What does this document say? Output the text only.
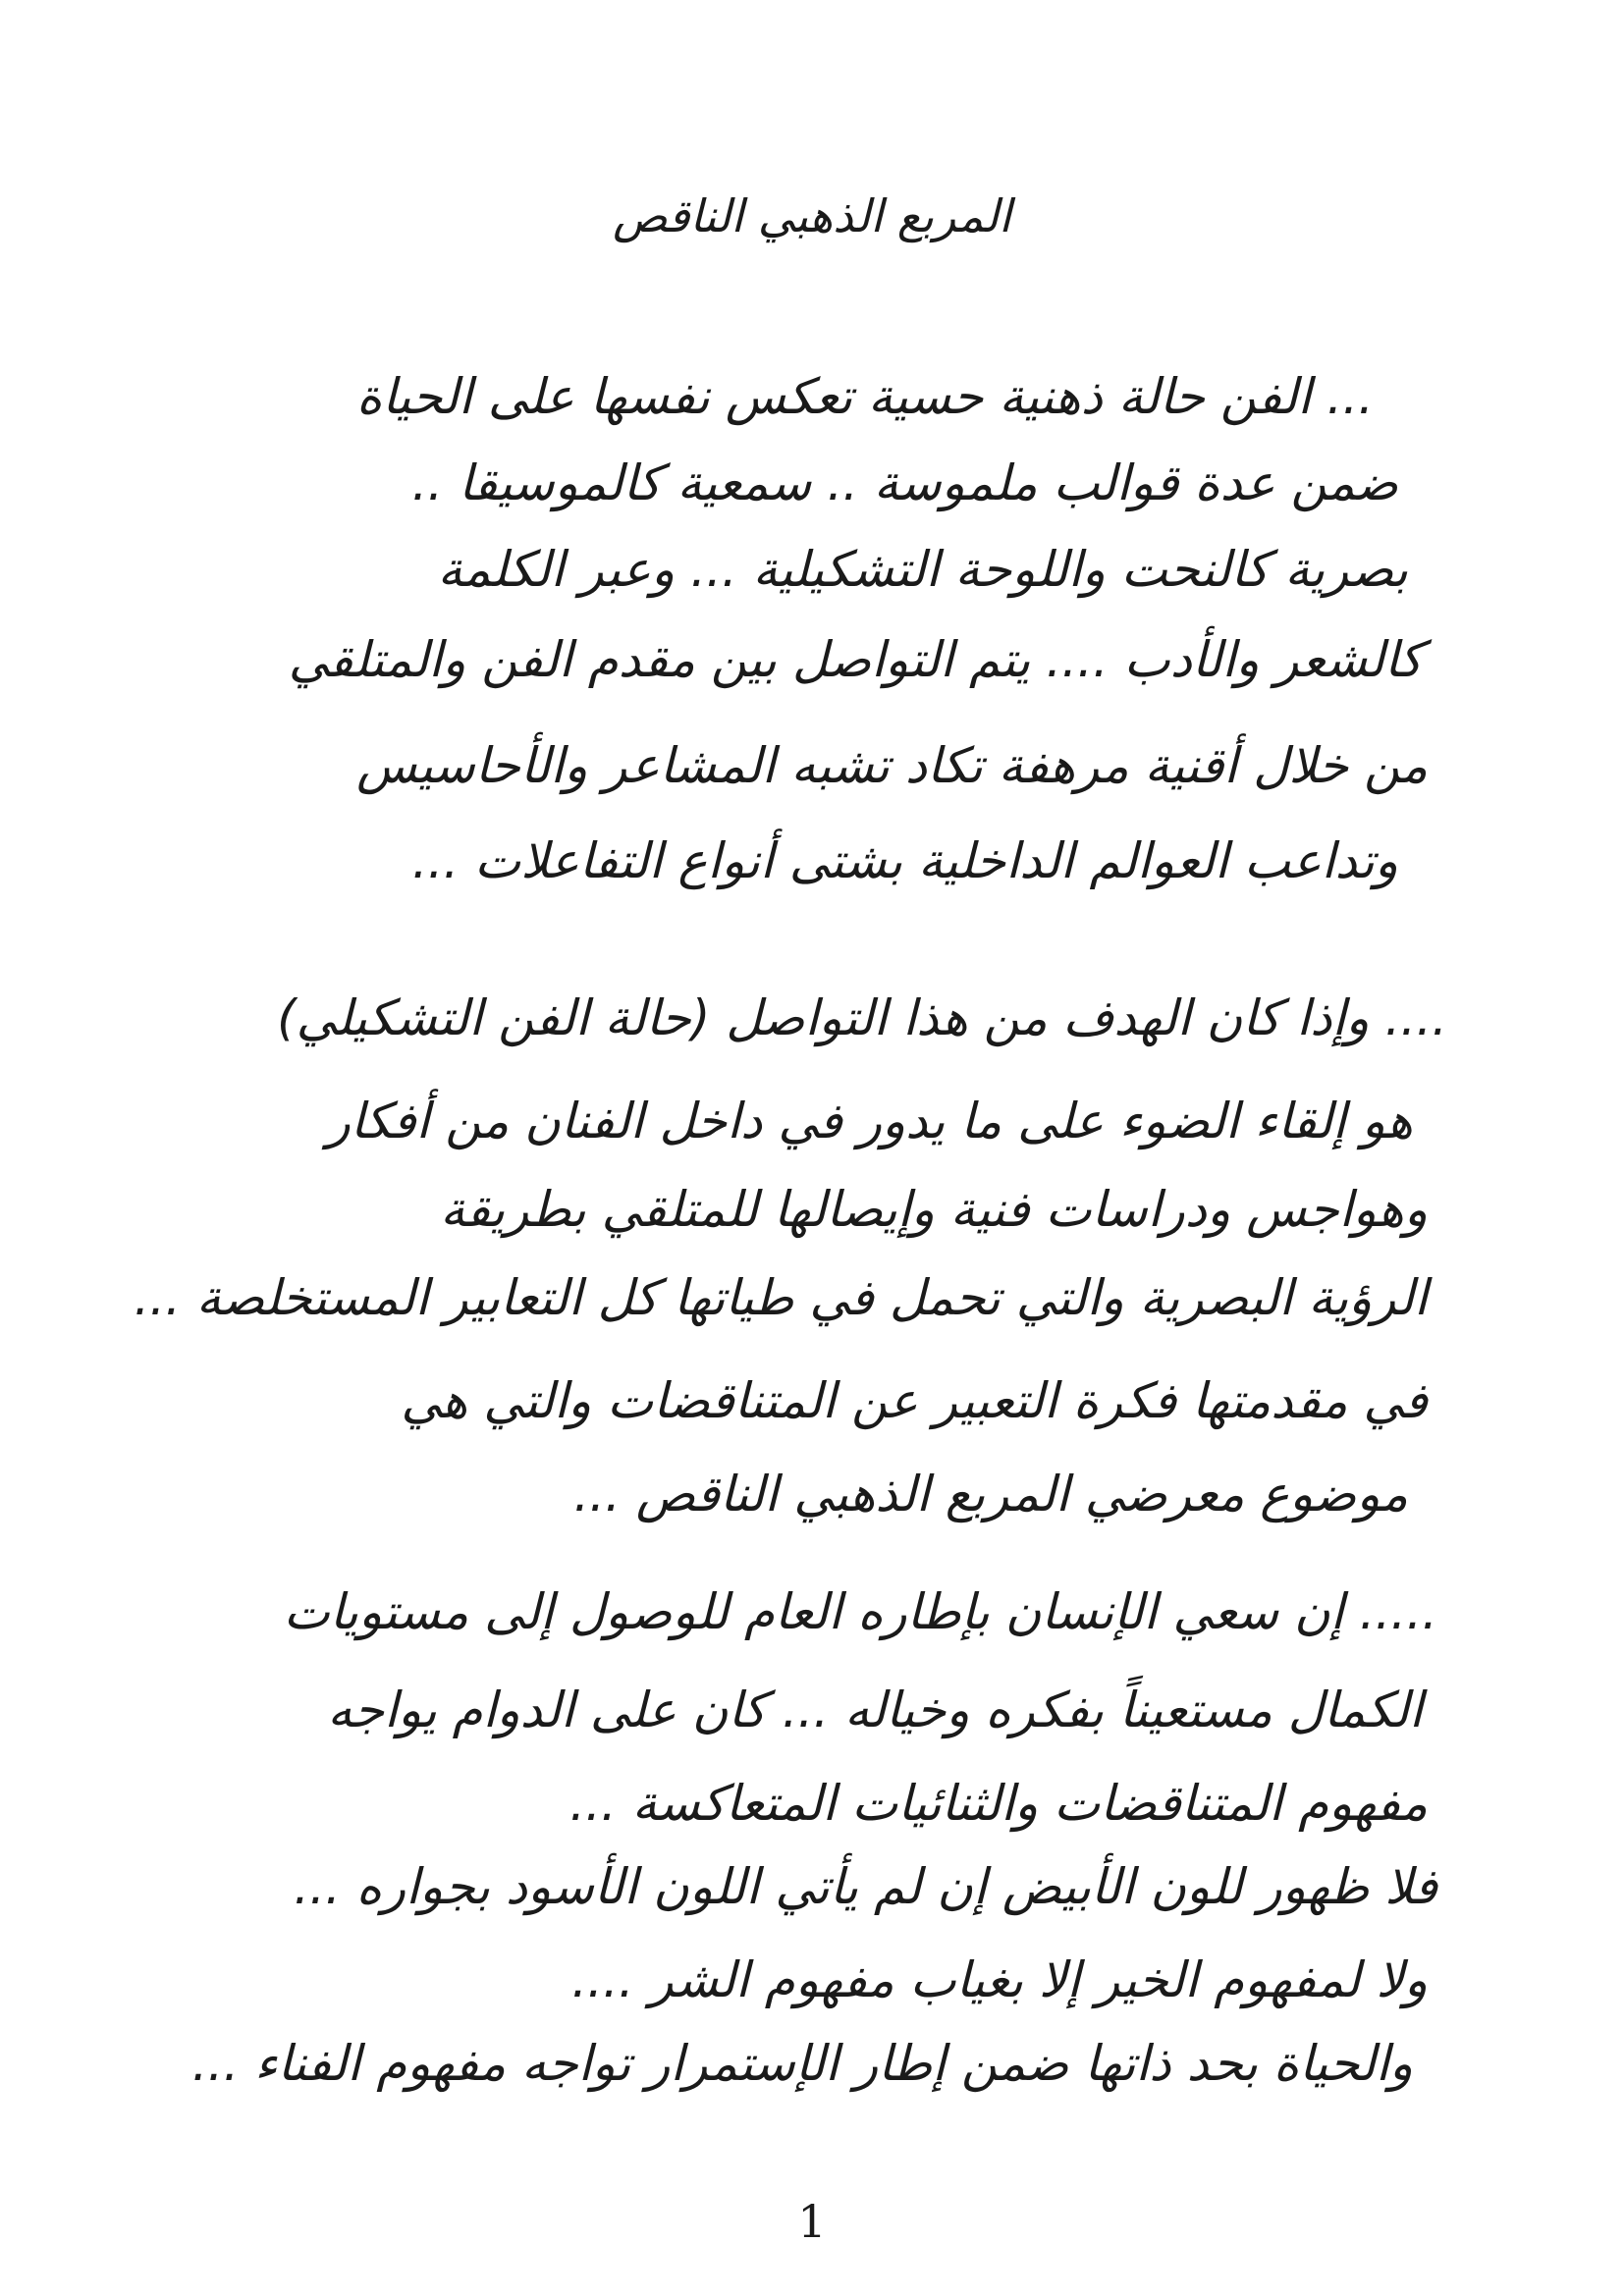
المربع الذهبي الناقص
... الفن حالة ذهنية حسية تعكس نفسها على الحياة
ضمن عدة قوالب ملموسة .. سمعية كالموسيقا ..
بصرية كالنحت واللوحة التشكيلية ... وعبر الكلمة
كالشعر والأدب .... يتم التواصل بين مقدم الفن والمتلقي
من خلال أقنية مرهفة تكاد تشبه المشاعر والأحاسيس
وتداعب العوالم الداخلية بشتى أنواع التفاعلات ...
.... وإذا كان الهدف من هذا التواصل (حالة الفن التشكيلي)
هو إلقاء الضوء على ما يدور في داخل الفنان من أفكار
وهواجس ودراسات فنية وإيصالها للمتلقي بطريقة
الرؤية البصرية والتي تحمل في طياتها كل التعابير المستخلصة ...
في مقدمتها فكرة التعبير عن المتناقضات والتي هي
موضوع معرضي المربع الذهبي الناقص ...
..... إن سعي الإنسان بإطاره العام للوصول إلى مستويات
الكمال مستعيناً بفكره وخياله ... كان على الدوام يواجه
مفهوم المتناقضات والثنائيات المتعاكسة ...
فلا ظهور للون الأبيض إن لم يأتي اللون الأسود بجواره ...
ولا لمفهوم الخير إلا بغياب مفهوم الشر ....
والحياة بحد ذاتها ضمن إطار الإستمرار تواجه مفهوم الفناء ...
1
